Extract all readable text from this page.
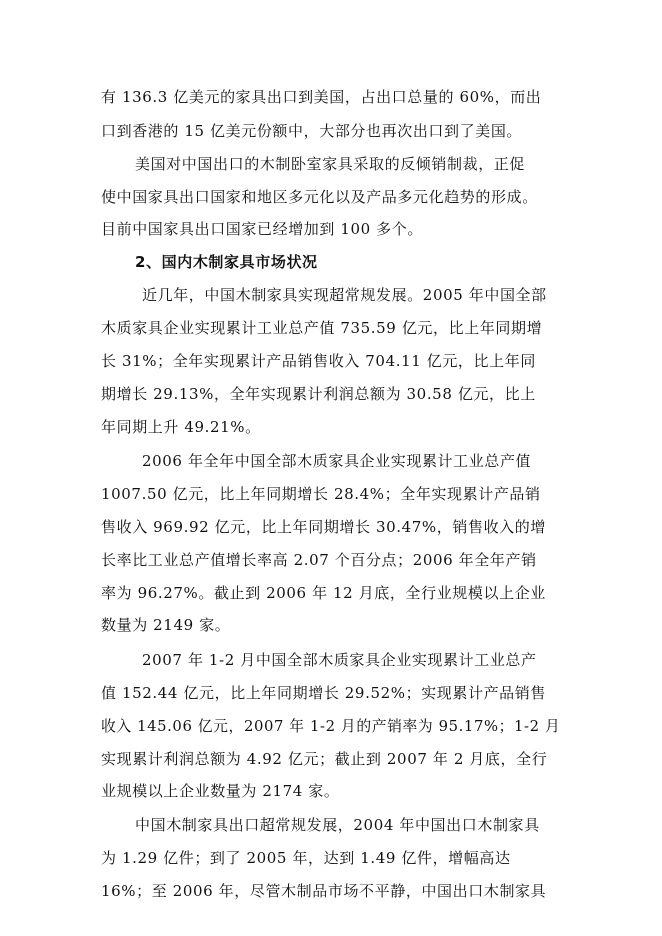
有 136.3 亿美元的家具出口到美国，占出口总量的 60%，而出
口到香港的 15 亿美元份额中，大部分也再次出口到了美国。
美国对中国出口的木制卧室家具采取的反倾销制裁，正促
使中国家具出口国家和地区多元化以及产品多元化趋势的形成。
目前中国家具出口国家已经增加到 100 多个。
2、国内木制家具市场状况
近几年，中国木制家具实现超常规发展。2005 年中国全部
木质家具企业实现累计工业总产值 735.59 亿元，比上年同期增
长 31%；全年实现累计产品销售收入 704.11 亿元，比上年同
期增长 29.13%，全年实现累计利润总额为 30.58 亿元，比上
年同期上升 49.21%。
2006 年全年中国全部木质家具企业实现累计工业总产值
1007.50 亿元，比上年同期增长 28.4%；全年实现累计产品销
售收入 969.92 亿元，比上年同期增长 30.47%，销售收入的增
长率比工业总产值增长率高 2.07 个百分点；2006 年全年产销
率为 96.27%。截止到 2006 年 12 月底，全行业规模以上企业
数量为 2149 家。
2007 年 1-2 月中国全部木质家具企业实现累计工业总产
值 152.44 亿元，比上年同期增长 29.52%；实现累计产品销售
收入 145.06 亿元，2007 年 1-2 月的产销率为 95.17%；1-2 月
实现累计利润总额为 4.92 亿元；截止到 2007 年 2 月底，全行
业规模以上企业数量为 2174 家。
中国木制家具出口超常规发展，2004 年中国出口木制家具
为 1.29 亿件；到了 2005 年，达到 1.49 亿件，增幅高达
16%；至 2006 年，尽管木制品市场不平静，中国出口木制家具
